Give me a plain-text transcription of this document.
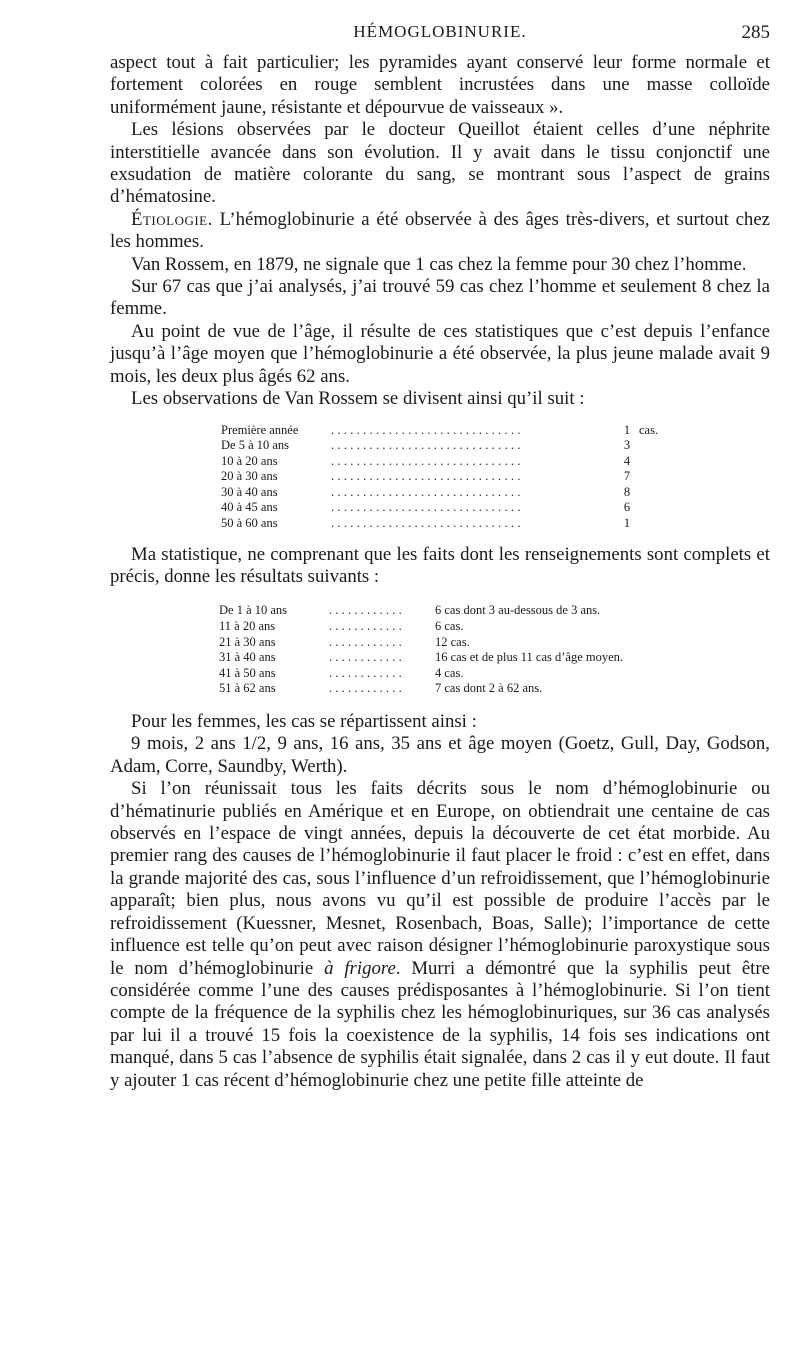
HÉMOGLOBINURIE.	285

aspect tout à fait particulier; les pyramides ayant conservé leur forme normale et fortement colorées en rouge semblent incrustées dans une masse colloïde uniformément jaune, résistante et dépourvue de vaisseaux ».

Les lésions observées par le docteur Queillot étaient celles d’une néphrite interstitielle avancée dans son évolution. Il y avait dans le tissu conjonctif une exsudation de matière colorante du sang, se montrant sous l’aspect de grains d’hématosine.

Étiologie. L’hémoglobinurie a été observée à des âges très-divers, et surtout chez les hommes.

Van Rossem, en 1879, ne signale que 1 cas chez la femme pour 30 chez l’homme.

Sur 67 cas que j’ai analysés, j’ai trouvé 59 cas chez l’homme et seulement 8 chez la femme.

Au point de vue de l’âge, il résulte de ces statistiques que c’est depuis l’enfance jusqu’à l’âge moyen que l’hémoglobinurie a été observée, la plus jeune malade avait 9 mois, les deux plus âgés 62 ans.

Les observations de Van Rossem se divisent ainsi qu’il suit :

Première année	..............................	1	cas.
De 5 à 10 ans	..............................	3	
10 à 20 ans	..............................	4	
20 à 30 ans	..............................	7	
30 à 40 ans	..............................	8	
40 à 45 ans	..............................	6	
50 à 60 ans	..............................	1	

Ma statistique, ne comprenant que les faits dont les renseignements sont complets et précis, donne les résultats suivants :

De 1 à 10 ans	............	6 cas dont 3 au-dessous de 3 ans.
11 à 20 ans	............	6 cas.
21 à 30 ans	............	12 cas.
31 à 40 ans	............	16 cas et de plus 11 cas d’âge moyen.
41 à 50 ans	............	4 cas.
51 à 62 ans	............	7 cas dont 2 à 62 ans.

Pour les femmes, les cas se répartissent ainsi :

9 mois, 2 ans 1/2, 9 ans, 16 ans, 35 ans et âge moyen (Goetz, Gull, Day, Godson, Adam, Corre, Saundby, Werth).

Si l’on réunissait tous les faits décrits sous le nom d’hémoglobinurie ou d’hématinurie publiés en Amérique et en Europe, on obtiendrait une centaine de cas observés en l’espace de vingt années, depuis la découverte de cet état morbide. Au premier rang des causes de l’hémoglobinurie il faut placer le froid : c’est en effet, dans la grande majorité des cas, sous l’influence d’un refroidissement, que l’hémoglobinurie apparaît; bien plus, nous avons vu qu’il est possible de produire l’accès par le refroidissement (Kuessner, Mesnet, Rosenbach, Boas, Salle); l’importance de cette influence est telle qu’on peut avec raison désigner l’hémoglobinurie paroxystique sous le nom d’hémoglobinurie à frigore. Murri a démontré que la syphilis peut être considérée comme l’une des causes prédisposantes à l’hémoglobinurie. Si l’on tient compte de la fréquence de la syphilis chez les hémoglobinuriques, sur 36 cas analysés par lui il a trouvé 15 fois la coexistence de la syphilis, 14 fois ses indications ont manqué, dans 5 cas l’absence de syphilis était signalée, dans 2 cas il y eut doute. Il faut y ajouter 1 cas récent d’hémoglobinurie chez une petite fille atteinte de

··············
